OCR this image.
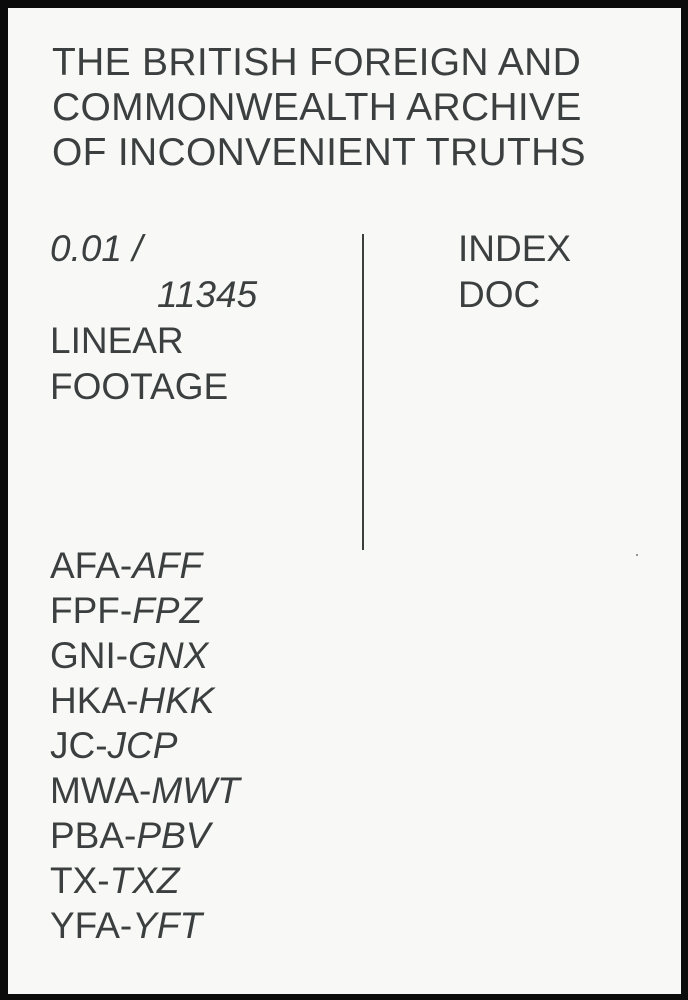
THE BRITISH FOREIGN AND
COMMONWEALTH ARCHIVE
OF INCONVENIENT TRUTHS
0.01 /
11345
LINEAR
FOOTAGE
INDEX
DOC
AFA-AFF
FPF-FPZ
GNI-GNX
HKA-HKK
JC-JCP
MWA-MWT
PBA-PBV
TX-TXZ
YFA-YFT
